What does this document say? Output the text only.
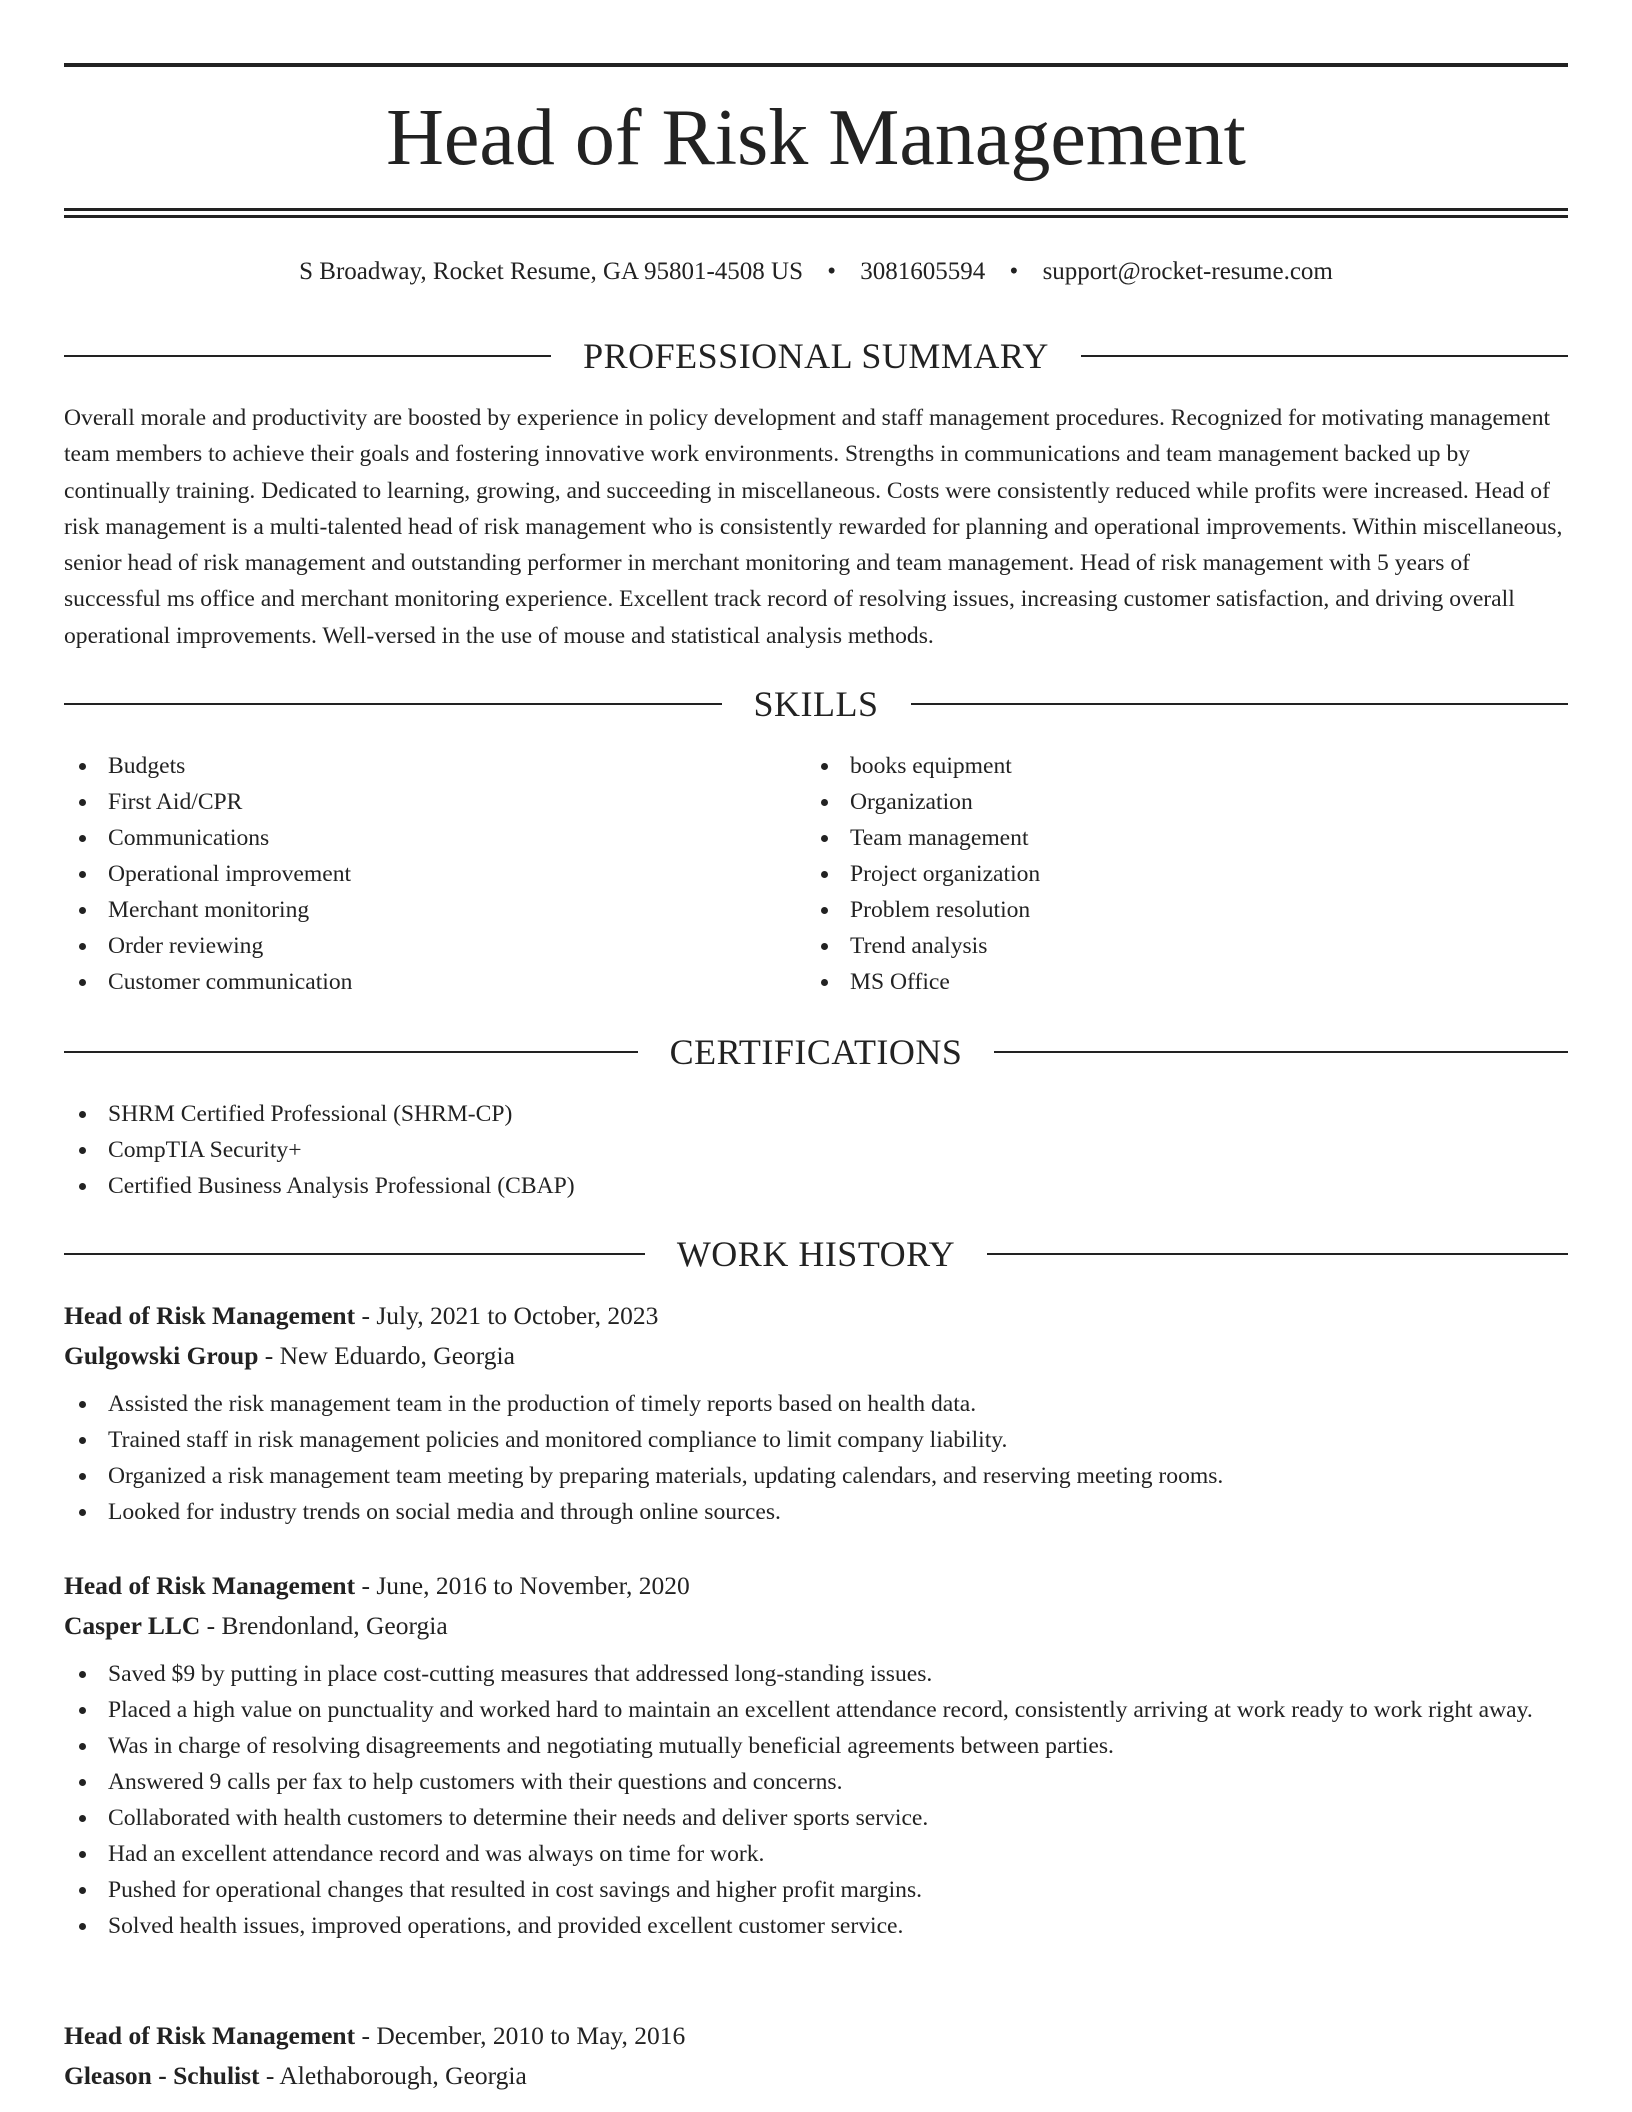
Head of Risk Management
S Broadway, Rocket Resume, GA 95801-4508 US • 3081605594 • support@rocket-resume.com
PROFESSIONAL SUMMARY

Overall morale and productivity are boosted by experience in policy development and staff management procedures. Recognized for motivating management team members to achieve their goals and fostering innovative work environments. Strengths in communications and team management backed up by continually training. Dedicated to learning, growing, and succeeding in miscellaneous. Costs were consistently reduced while profits were increased. Head of risk management is a multi-talented head of risk management who is consistently rewarded for planning and operational improvements. Within miscellaneous, senior head of risk management and outstanding performer in merchant monitoring and team management. Head of risk management with 5 years of successful ms office and merchant monitoring experience. Excellent track record of resolving issues, increasing customer satisfaction, and driving overall operational improvements. Well-versed in the use of mouse and statistical analysis methods.

SKILLS
Budgets
First Aid/CPR
Communications
Operational improvement
Merchant monitoring
Order reviewing
Customer communication
books equipment
Organization
Team management
Project organization
Problem resolution
Trend analysis
MS Office
CERTIFICATIONS
SHRM Certified Professional (SHRM-CP)
CompTIA Security+
Certified Business Analysis Professional (CBAP)
WORK HISTORY
Head of Risk Management - July, 2021 to October, 2023
Gulgowski Group - New Eduardo, Georgia
Assisted the risk management team in the production of timely reports based on health data.
Trained staff in risk management policies and monitored compliance to limit company liability.
Organized a risk management team meeting by preparing materials, updating calendars, and reserving meeting rooms.
Looked for industry trends on social media and through online sources.
Head of Risk Management - June, 2016 to November, 2020
Casper LLC - Brendonland, Georgia
Saved $9 by putting in place cost-cutting measures that addressed long-standing issues.
Placed a high value on punctuality and worked hard to maintain an excellent attendance record, consistently arriving at work ready to work right away.
Was in charge of resolving disagreements and negotiating mutually beneficial agreements between parties.
Answered 9 calls per fax to help customers with their questions and concerns.
Collaborated with health customers to determine their needs and deliver sports service.
Had an excellent attendance record and was always on time for work.
Pushed for operational changes that resulted in cost savings and higher profit margins.
Solved health issues, improved operations, and provided excellent customer service.
Head of Risk Management - December, 2010 to May, 2016
Gleason - Schulist - Alethaborough, Georgia
